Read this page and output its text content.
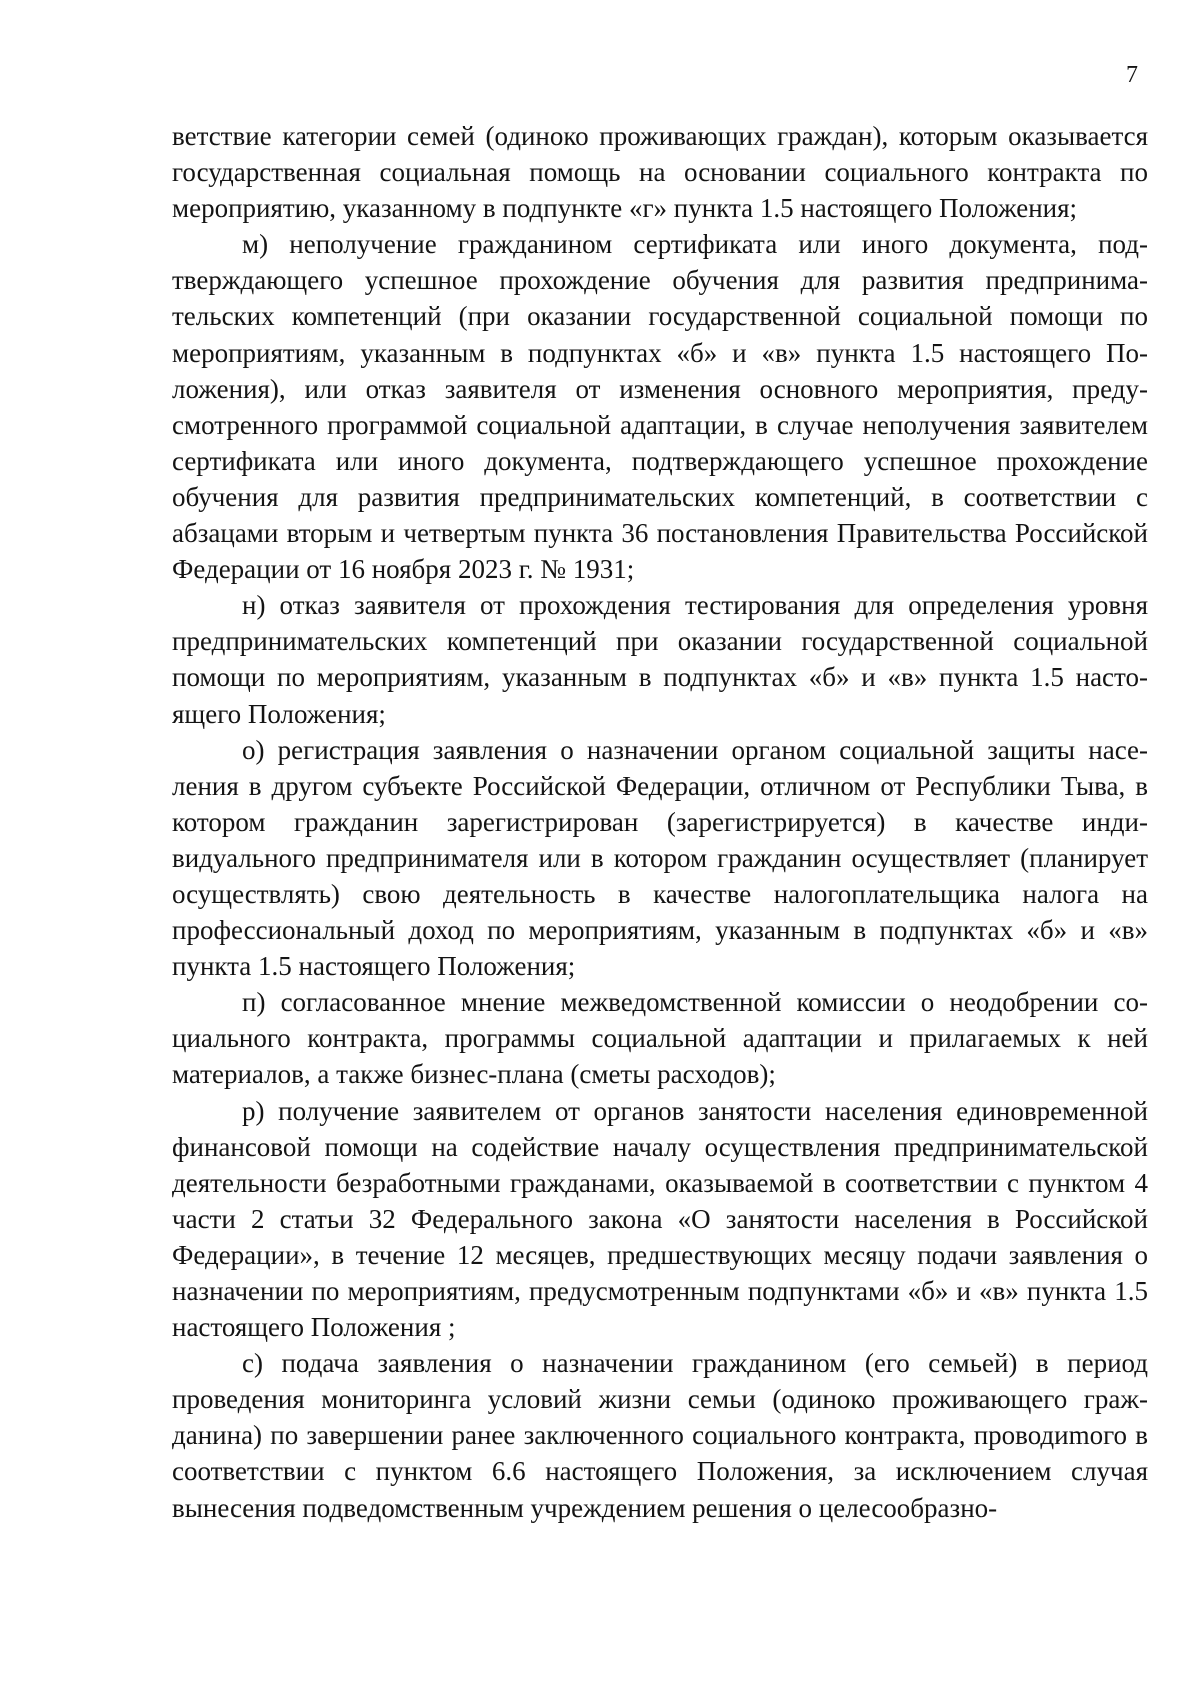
7

ветствие категории семей (одиноко проживающих граждан), которым оказывается государственная социальная помощь на основании социального контракта по мероприятию, указанному в подпункте «г» пункта 1.5 настоящего Положения;

м) неполучение гражданином сертификата или иного документа, подтверждающего успешное прохождение обучения для развития предпринимательских компетенций (при оказании государственной социальной помощи по мероприятиям, указанным в подпунктах «б» и «в» пункта 1.5 настоящего Положения), или отказ заявителя от изменения основного мероприятия, предусмотренного программой социальной адаптации, в случае неполучения заявителем сертификата или иного документа, подтверждающего успешное прохождение обучения для развития предпринимательских компетенций, в соответствии с абзацами вторым и четвертым пункта 36 постановления Правительства Российской Федерации от 16 ноября 2023 г. № 1931;

н) отказ заявителя от прохождения тестирования для определения уровня предпринимательских компетенций при оказании государственной социальной помощи по мероприятиям, указанным в подпунктах «б» и «в» пункта 1.5 настоящего Положения;

о) регистрация заявления о назначении органом социальной защиты населения в другом субъекте Российской Федерации, отличном от Республики Тыва, в котором гражданин зарегистрирован (зарегистрируется) в качестве индивидуального предпринимателя или в котором гражданин осуществляет (планирует осуществлять) свою деятельность в качестве налогоплательщика налога на профессиональный доход по мероприятиям, указанным в подпунктах «б» и «в» пункта 1.5 настоящего Положения;

п) согласованное мнение межведомственной комиссии о неодобрении социального контракта, программы социальной адаптации и прилагаемых к ней материалов, а также бизнес-плана (сметы расходов);

р) получение заявителем от органов занятости населения единовременной финансовой помощи на содействие началу осуществления предпринимательской деятельности безработными гражданами, оказываемой в соответствии с пунктом 4 части 2 статьи 32 Федерального закона «О занятости населения в Российской Федерации», в течение 12 месяцев, предшествующих месяцу подачи заявления о назначении по мероприятиям, предусмотренным подпунктами «б» и «в» пункта 1.5 настоящего Положения ;

с) подача заявления о назначении гражданином (его семьей) в период проведения мониторинга условий жизни семьи (одиноко проживающего гражданина) по завершении ранее заключенного социального контракта, проводиmого в соответствии с пунктом 6.6 настоящего Положения, за исключением случая вынесения подведомственным учреждением решения о целесообразно-
